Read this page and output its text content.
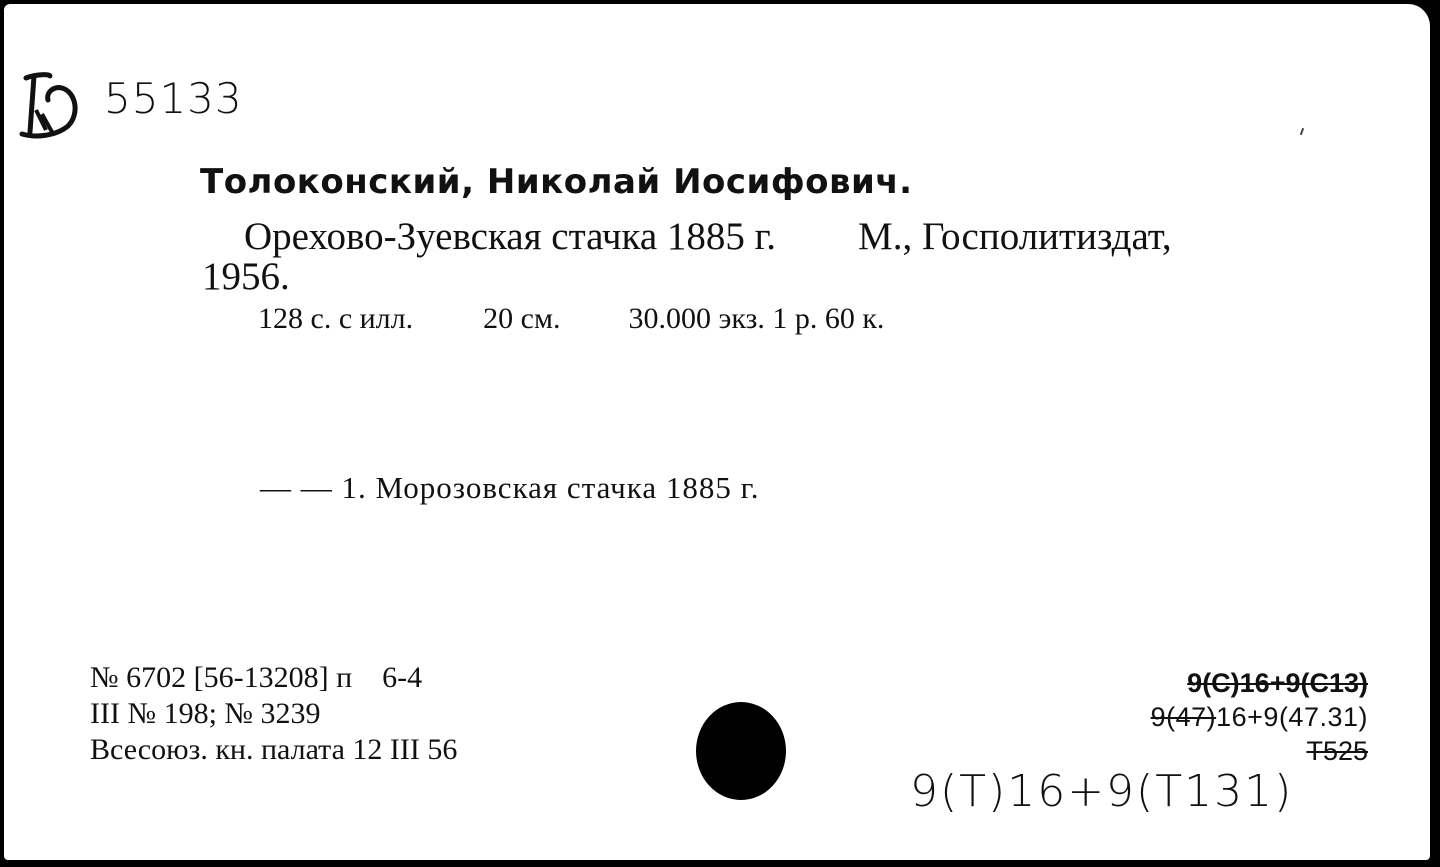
55133
Толоконский, Николай Иосифович.
Орехово-Зуевская стачка 1885 г. М., Госполитиздат,
1956.
128 с. с илл. 20 см. 30.000 экз. 1 р. 60 к.
— — 1. Морозовская стачка 1885 г.
№ 6702 [56-13208] п 6-4
III № 198; № 3239
Всесоюз. кн. палата 12 III 56
9(С)16+9(С13)
9(47)16+9(47.31)
Т525
9(Т)16+9(Т131)
